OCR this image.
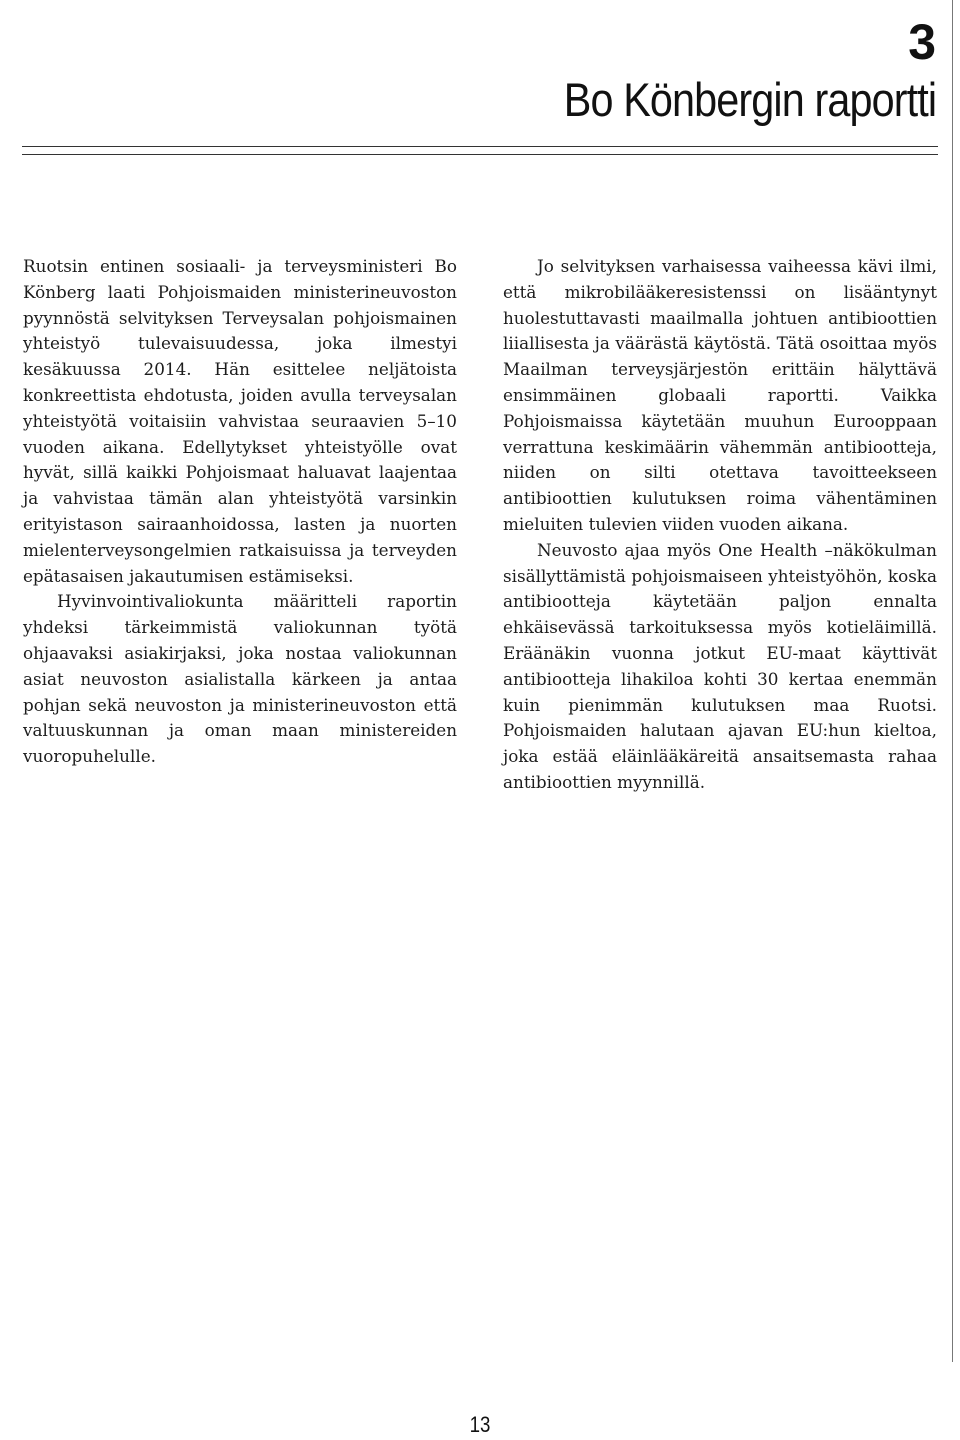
3
Bo Könbergin raportti

Ruotsin entinen sosiaali- ja terveysministeri Bo Könberg laati Pohjoismaiden ministerineuvoston pyynnöstä selvityksen Terveysalan pohjoismainen yhteistyö tulevaisuudessa, joka ilmestyi kesäkuussa 2014. Hän esittelee neljätoista konkreettista ehdotusta, joiden avulla terveysalan yhteistyötä voitaisiin vahvistaa seuraavien 5–10 vuoden aikana. Edellytykset yhteistyölle ovat hyvät, sillä kaikki Pohjoismaat haluavat laajentaa ja vahvistaa tämän alan yhteistyötä varsinkin erityistason sairaanhoidossa, lasten ja nuorten mielenterveysongelmien ratkaisuissa ja terveyden epätasaisen jakautumisen estämiseksi.

Hyvinvointivaliokunta määritteli raportin yhdeksi tärkeimmistä valiokunnan työtä ohjaavaksi asiakirjaksi, joka nostaa valiokunnan asiat neuvoston asialistalla kärkeen ja antaa pohjan sekä neuvoston ja ministerineuvoston että valtuuskunnan ja oman maan ministereiden vuoropuhelulle.

Jo selvityksen varhaisessa vaiheessa kävi ilmi, että mikrobilääkeresistenssi on lisääntynyt huolestuttavasti maailmalla johtuen antibioottien liiallisesta ja väärästä käytöstä. Tätä osoittaa myös Maailman terveysjärjestön erittäin hälyttävä ensimmäinen globaali raportti. Vaikka Pohjoismaissa käytetään muuhun Eurooppaan verrattuna keskimäärin vähemmän antibiootteja, niiden on silti otettava tavoitteekseen antibioottien kulutuksen roima vähentäminen mieluiten tulevien viiden vuoden aikana.

Neuvosto ajaa myös One Health –näkökulman sisällyttämistä pohjoismaiseen yhteistyöhön, koska antibiootteja käytetään paljon ennalta ehkäisevässä tarkoituksessa myös kotieläimillä. Eräänäkin vuonna jotkut EU-maat käyttivät antibiootteja lihakiloa kohti 30 kertaa enemmän kuin pienimmän kulutuksen maa Ruotsi. Pohjoismaiden halutaan ajavan EU:hun kieltoa, joka estää eläinlääkäreitä ansaitsemasta rahaa antibioottien myynnillä.

13
